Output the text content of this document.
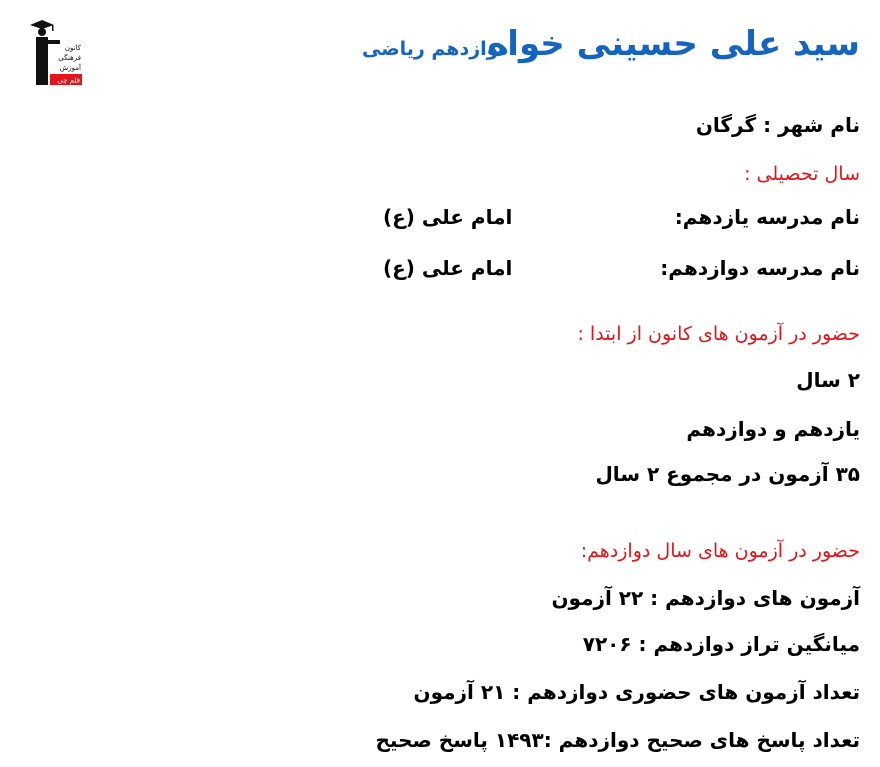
کانون
فرهنگی
آموزش
قلم چی
سید علی حسینی خواه
دوازدهم ریاضی
نام شهر : گرگان
سال تحصیلی :
نام مدرسه یازدهم:
امام علی (ع)
نام مدرسه دوازدهم:
امام علی (ع)
حضور در آزمون های کانون از ابتدا :
۲ سال
یازدهم و دوازدهم
۳۵ آزمون در مجموع ۲ سال
حضور در آزمون های سال دوازدهم:
آزمون های دوازدهم : ۲۲ آزمون
میانگین تراز دوازدهم : ۷۲۰۶
تعداد آزمون های حضوری دوازدهم : ۲۱ آزمون
تعداد پاسخ های صحیح دوازدهم :۱۴۹۳ پاسخ صحیح
